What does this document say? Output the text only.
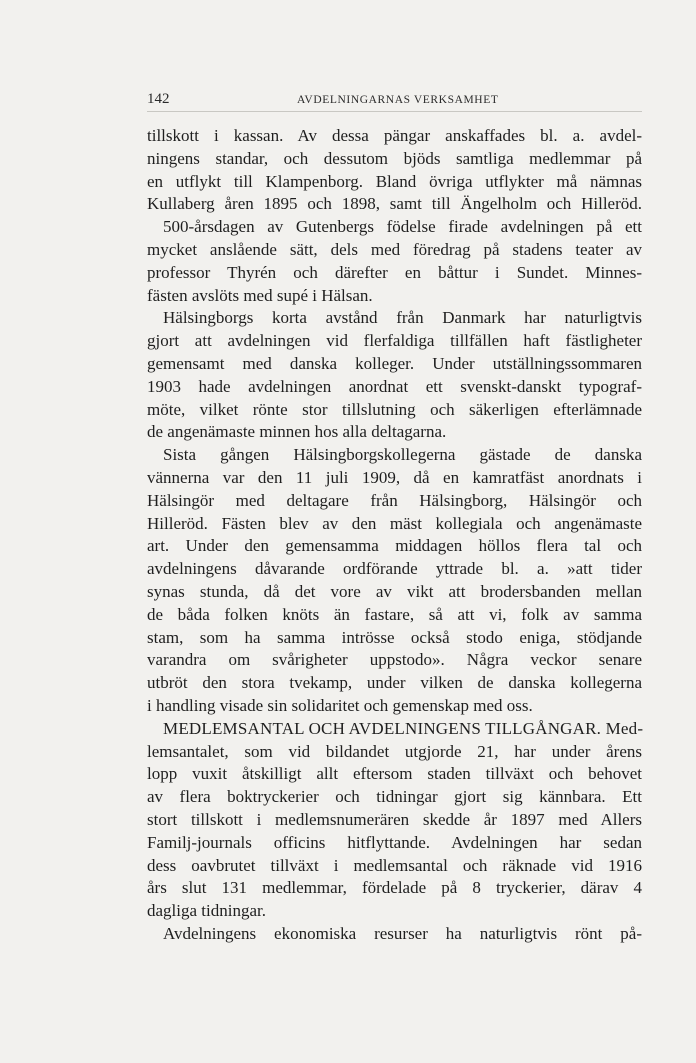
142	AVDELNINGARNAS VERKSAMHET
tillskott i kassan. Av dessa pängar anskaffades bl. a. avdel-
ningens standar, och dessutom bjöds samtliga medlemmar på
en utflykt till Klampenborg. Bland övriga utflykter må nämnas
Kullaberg åren 1895 och 1898, samt till Ängelholm och Hilleröd.
500-årsdagen av Gutenbergs födelse firade avdelningen på ett
mycket anslående sätt, dels med föredrag på stadens teater av
professor Thyrén och därefter en båttur i Sundet. Minnes-
fästen avslöts med supé i Hälsan.
Hälsingborgs korta avstånd från Danmark har naturligtvis
gjort att avdelningen vid flerfaldiga tillfällen haft fästligheter
gemensamt med danska kolleger. Under utställningssommaren
1903 hade avdelningen anordnat ett svenskt-danskt typograf-
möte, vilket rönte stor tillslutning och säkerligen efterlämnade
de angenämaste minnen hos alla deltagarna.
Sista gången Hälsingborgskollegerna gästade de danska
vännerna var den 11 juli 1909, då en kamratfäst anordnats i
Hälsingör med deltagare från Hälsingborg, Hälsingör och
Hilleröd. Fästen blev av den mäst kollegiala och angenämaste
art. Under den gemensamma middagen höllos flera tal och
avdelningens dåvarande ordförande yttrade bl. a. »att tider
synas stunda, då det vore av vikt att brodersbanden mellan
de båda folken knöts än fastare, så att vi, folk av samma
stam, som ha samma intrösse också stodo eniga, stödjande
varandra om svårigheter uppstodo». Några veckor senare
utbröt den stora tvekamp, under vilken de danska kollegerna
i handling visade sin solidaritet och gemenskap med oss.
MEDLEMSANTAL OCH AVDELNINGENS TILLGÅNGAR. Med-
lemsantalet, som vid bildandet utgjorde 21, har under årens
lopp vuxit åtskilligt allt eftersom staden tillväxt och behovet
av flera boktryckerier och tidningar gjort sig kännbara. Ett
stort tillskott i medlemsnumerären skedde år 1897 med Allers
Familj-journals officins hitflyttande. Avdelningen har sedan
dess oavbrutet tillväxt i medlemsantal och räknade vid 1916
års slut 131 medlemmar, fördelade på 8 tryckerier, därav 4
dagliga tidningar.
Avdelningens ekonomiska resurser ha naturligtvis rönt på-
